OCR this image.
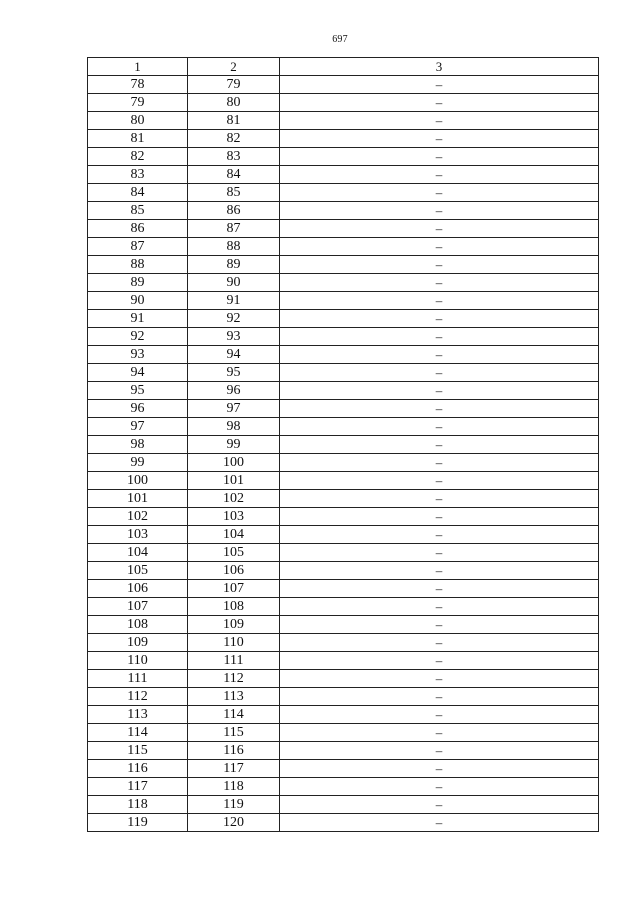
697
1	2	3
78	79	–
79	80	–
80	81	–
81	82	–
82	83	–
83	84	–
84	85	–
85	86	–
86	87	–
87	88	–
88	89	–
89	90	–
90	91	–
91	92	–
92	93	–
93	94	–
94	95	–
95	96	–
96	97	–
97	98	–
98	99	–
99	100	–
100	101	–
101	102	–
102	103	–
103	104	–
104	105	–
105	106	–
106	107	–
107	108	–
108	109	–
109	110	–
110	111	–
111	112	–
112	113	–
113	114	–
114	115	–
115	116	–
116	117	–
117	118	–
118	119	–
119	120	–
